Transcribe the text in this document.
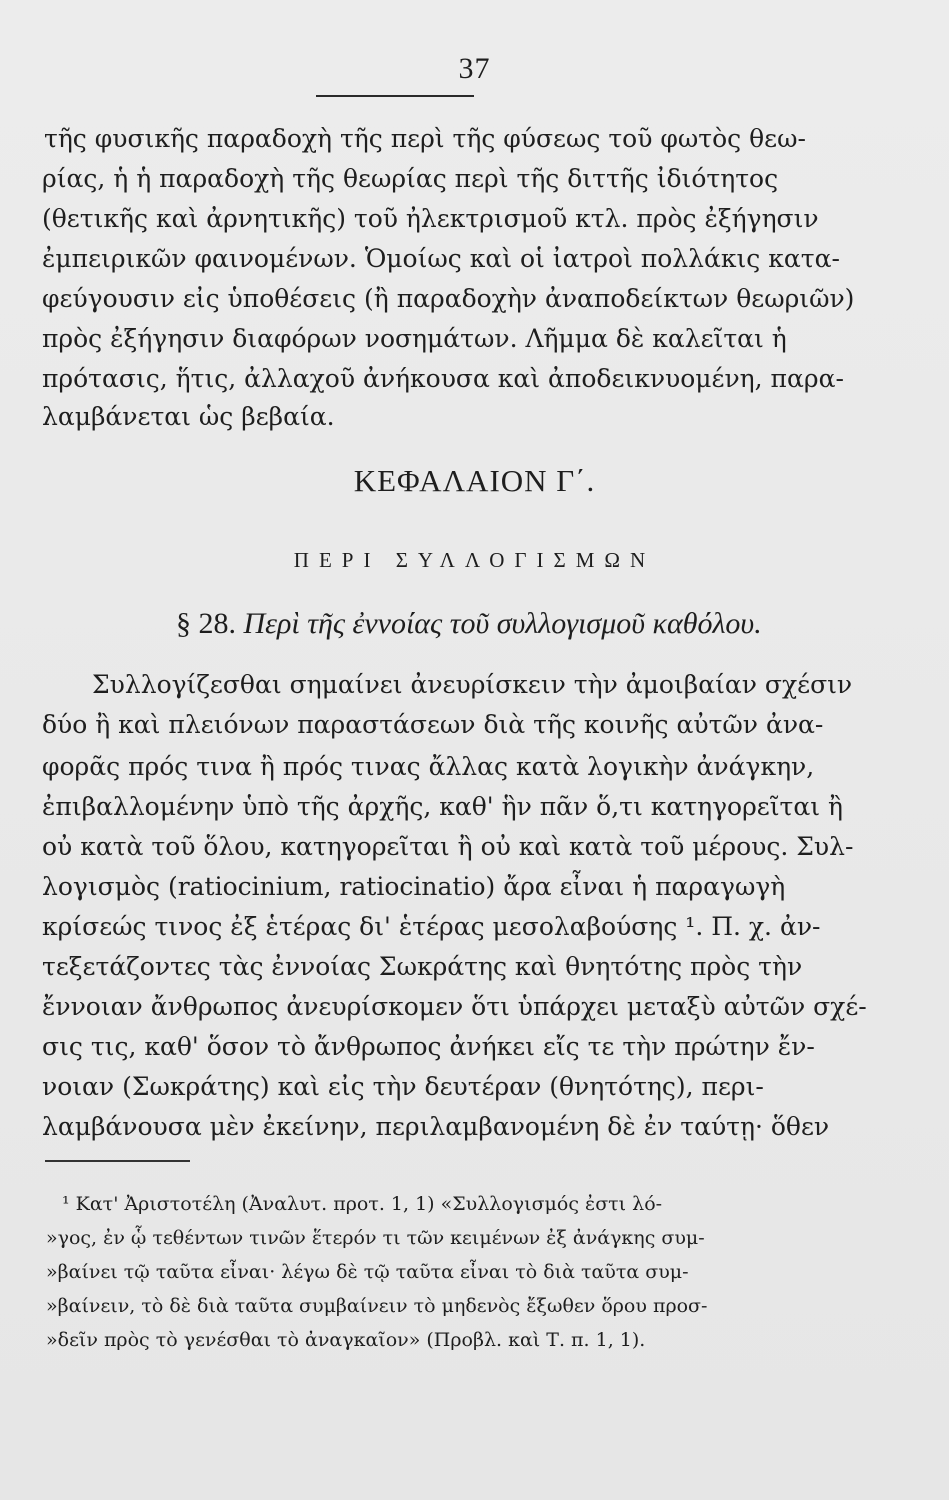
37
τῆς φυσικῆς παραδοχὴ τῆς περὶ τῆς φύσεως τοῦ φωτὸς θεω-
ρίας, ἡ ἡ παραδοχὴ τῆς θεωρίας περὶ τῆς διττῆς ἰδιότητος
(θετικῆς καὶ ἀρνητικῆς) τοῦ ἠλεκτρισμοῦ κτλ. πρὸς ἐξήγησιν
ἐμπειρικῶν φαινομένων. Ὁμοίως καὶ οἱ ἰατροὶ πολλάκις κατα-
φεύγουσιν εἰς ὑποθέσεις (ἢ παραδοχὴν ἀναποδείκτων θεωριῶν)
πρὸς ἐξήγησιν διαφόρων νοσημάτων. Λῆμμα δὲ καλεῖται ἡ
πρότασις, ἥτις, ἀλλαχοῦ ἀνήκουσα καὶ ἀποδεικνυομένη, παρα-
λαμβάνεται ὡς βεβαία.
ΚΕΦΑΛΑΙΟΝ Γ΄.
ΠΕΡΙ ΣΥΛΛΟΓΙΣΜΩΝ
§ 28. Περὶ τῆς ἐννοίας τοῦ συλλογισμοῦ καθόλου.
Συλλογίζεσθαι σημαίνει ἀνευρίσκειν τὴν ἀμοιβαίαν σχέσιν
δύο ἢ καὶ πλειόνων παραστάσεων διὰ τῆς κοινῆς αὐτῶν ἀνα-
φορᾶς πρός τινα ἢ πρός τινας ἄλλας κατὰ λογικὴν ἀνάγκην,
ἐπιβαλλομένην ὑπὸ τῆς ἀρχῆς, καθ' ἣν πᾶν ὅ,τι κατηγορεῖται ἢ
οὐ κατὰ τοῦ ὅλου, κατηγορεῖται ἢ οὐ καὶ κατὰ τοῦ μέρους. Συλ-
λογισμὸς (ratiocinium, ratiocinatio) ἄρα εἶναι ἡ παραγωγὴ
κρίσεώς τινος ἐξ ἑτέρας δι' ἑτέρας μεσολαβούσης ¹. Π. χ. ἀν-
τεξετάζοντες τὰς ἐννοίας Σωκράτης καὶ θνητότης πρὸς τὴν
ἔννοιαν ἄνθρωπος ἀνευρίσκομεν ὅτι ὑπάρχει μεταξὺ αὐτῶν σχέ-
σις τις, καθ' ὅσον τὸ ἄνθρωπος ἀνήκει εἴς τε τὴν πρώτην ἔν-
νοιαν (Σωκράτης) καὶ εἰς τὴν δευτέραν (θνητότης), περι-
λαμβάνουσα μὲν ἐκείνην, περιλαμβανομένη δὲ ἐν ταύτῃ· ὅθεν
¹ Κατ' Ἀριστοτέλη (Ἀναλυτ. προτ. 1, 1) «Συλλογισμός ἐστι λό-
»γος, ἐν ᾧ τεθέντων τινῶν ἕτερόν τι τῶν κειμένων ἐξ ἀνάγκης συμ-
»βαίνει τῷ ταῦτα εἶναι· λέγω δὲ τῷ ταῦτα εἶναι τὸ διὰ ταῦτα συμ-
»βαίνειν, τὸ δὲ διὰ ταῦτα συμβαίνειν τὸ μηδενὸς ἔξωθεν ὅρου προσ-
»δεῖν πρὸς τὸ γενέσθαι τὸ ἀναγκαῖον» (Προβλ. καὶ Τ. π. 1, 1).
